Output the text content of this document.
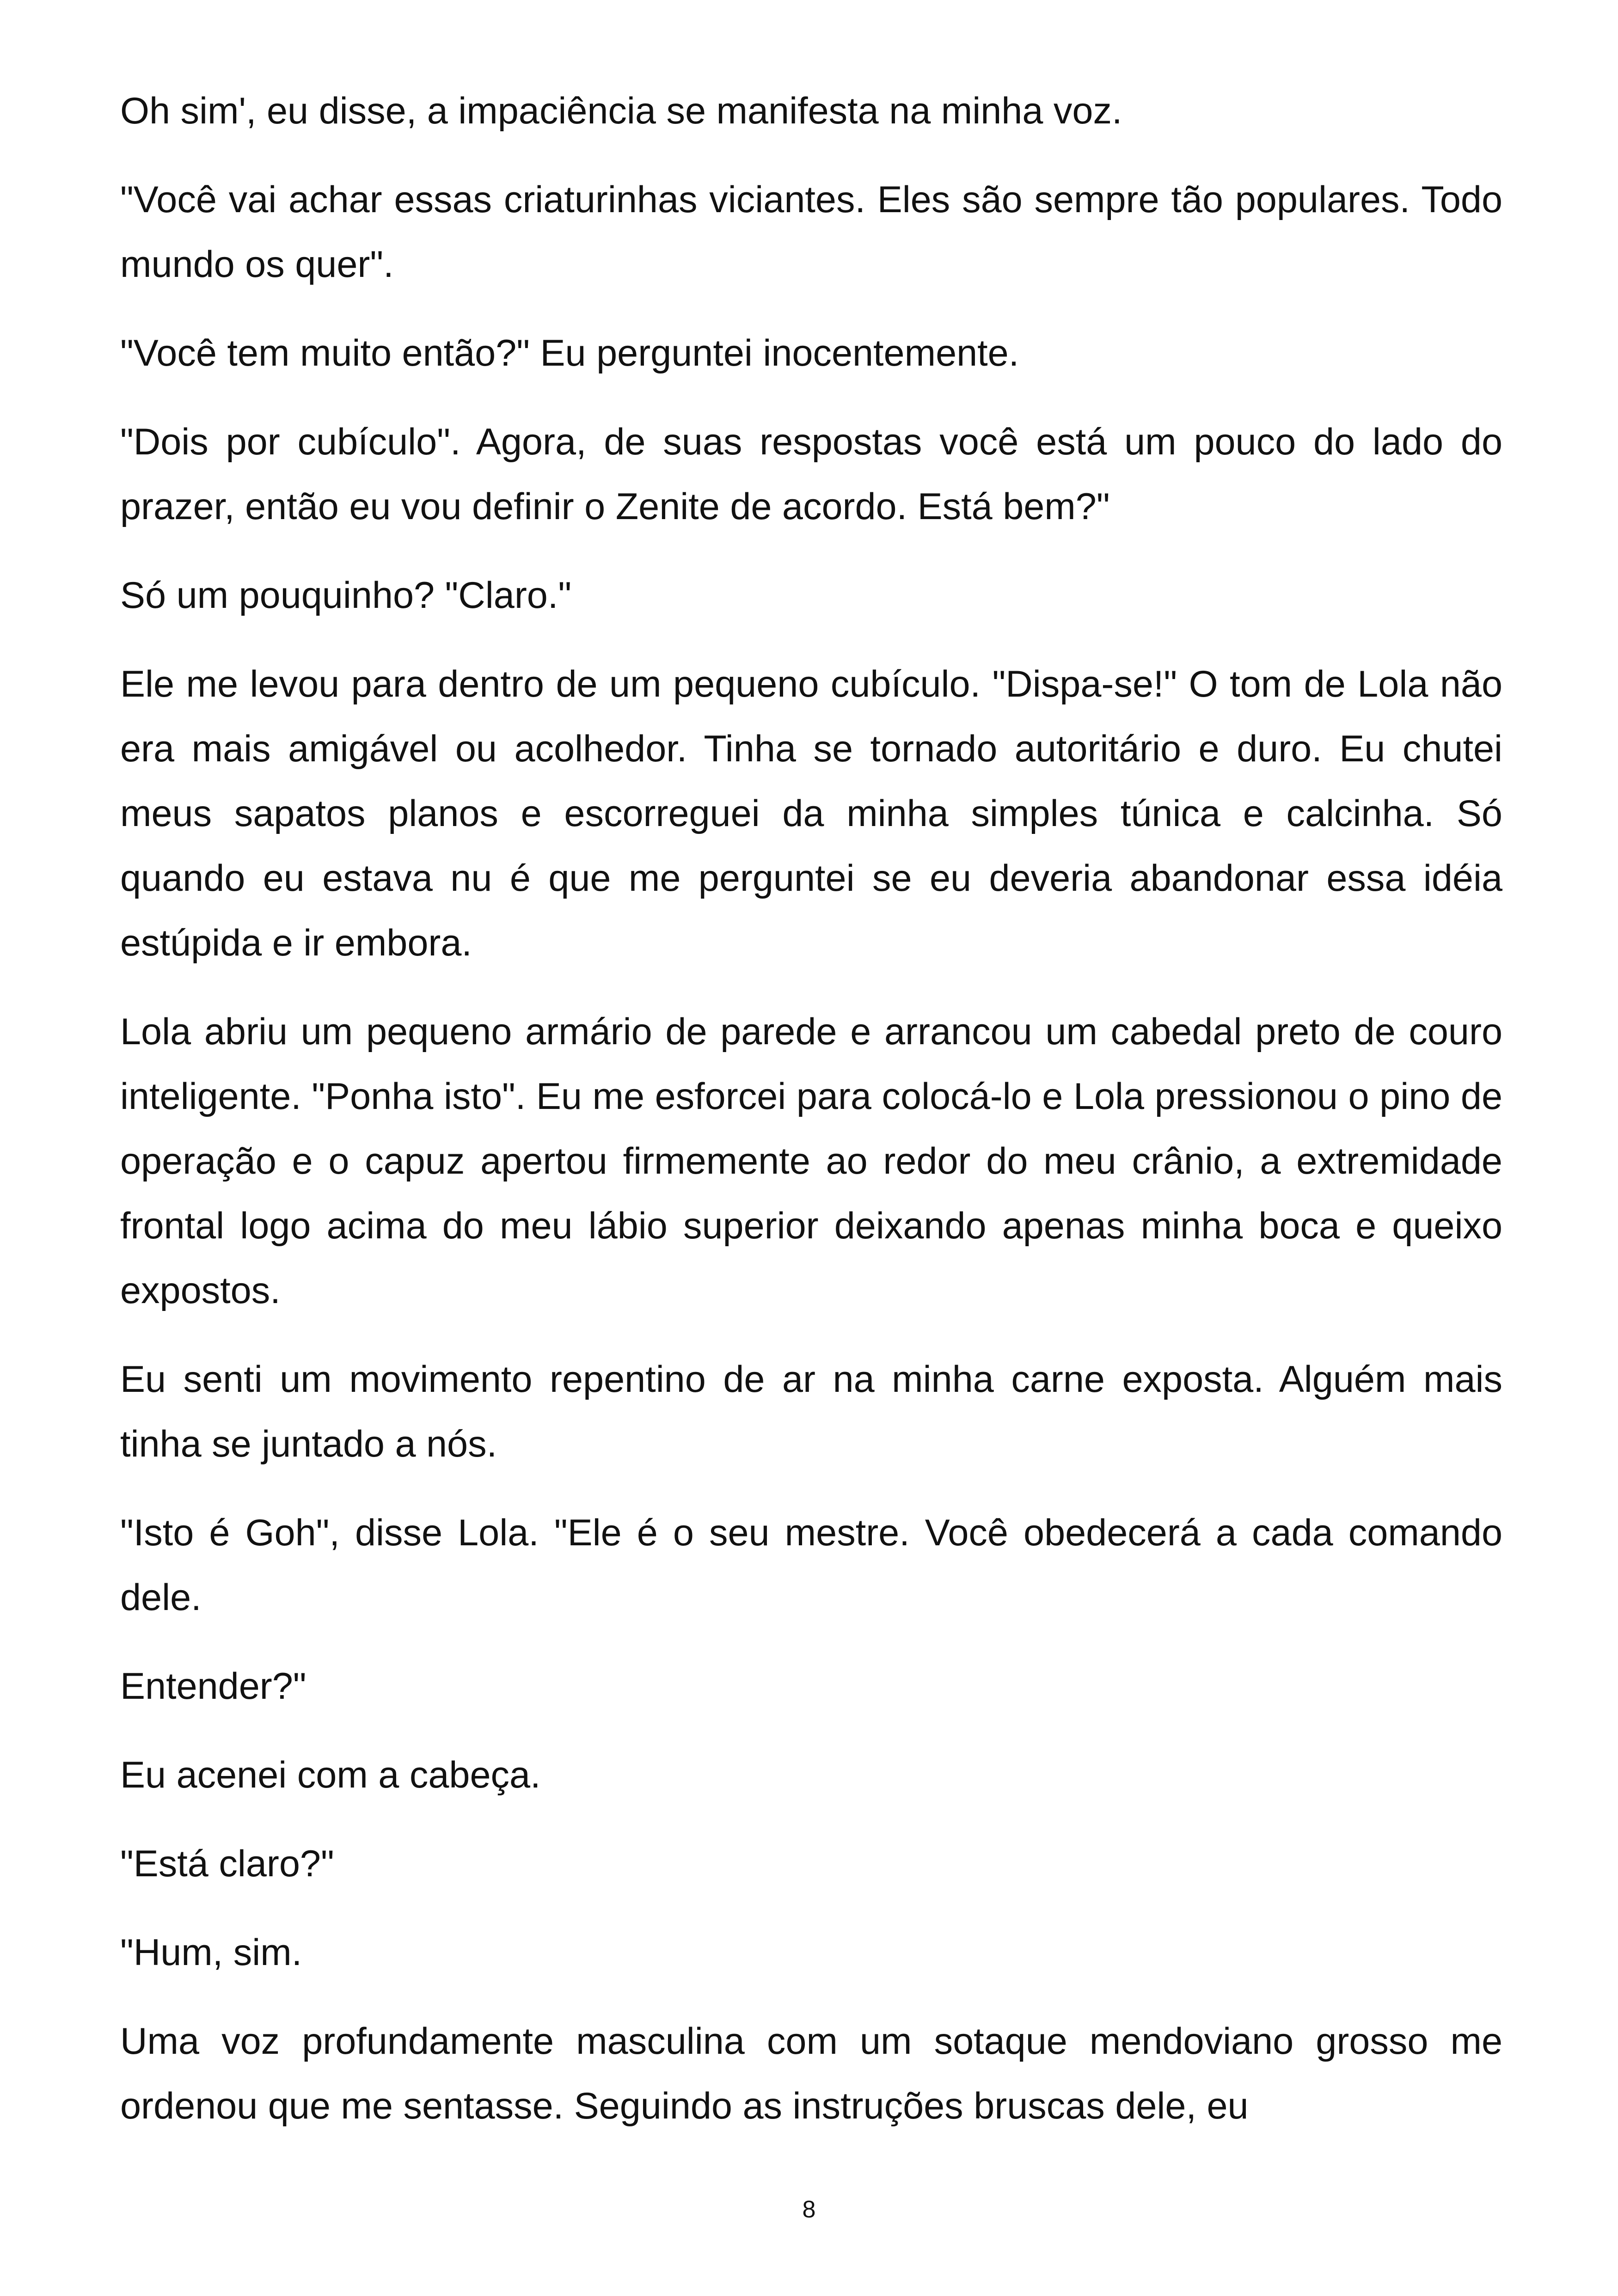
Oh sim', eu disse, a impaciência se manifesta na minha voz.

"Você vai achar essas criaturinhas viciantes. Eles são sempre tão populares. Todo mundo os quer".

"Você tem muito então?" Eu perguntei inocentemente.

"Dois por cubículo". Agora, de suas respostas você está um pouco do lado do prazer, então eu vou definir o Zenite de acordo. Está bem?"

Só um pouquinho? "Claro."

Ele me levou para dentro de um pequeno cubículo. "Dispa-se!" O tom de Lola não era mais amigável ou acolhedor. Tinha se tornado autoritário e duro. Eu chutei meus sapatos planos e escorreguei da minha simples túnica e calcinha. Só quando eu estava nu é que me perguntei se eu deveria abandonar essa idéia estúpida e ir embora.

Lola abriu um pequeno armário de parede e arrancou um cabedal preto de couro inteligente. "Ponha isto". Eu me esforcei para colocá-lo e Lola pressionou o pino de operação e o capuz apertou firmemente ao redor do meu crânio, a extremidade frontal logo acima do meu lábio superior deixando apenas minha boca e queixo expostos.

Eu senti um movimento repentino de ar na minha carne exposta. Alguém mais tinha se juntado a nós.

"Isto é Goh", disse Lola. "Ele é o seu mestre. Você obedecerá a cada comando dele.

Entender?"

Eu acenei com a cabeça.

"Está claro?"

"Hum, sim.

Uma voz profundamente masculina com um sotaque mendoviano grosso me ordenou que me sentasse. Seguindo as instruções bruscas dele, eu

8
